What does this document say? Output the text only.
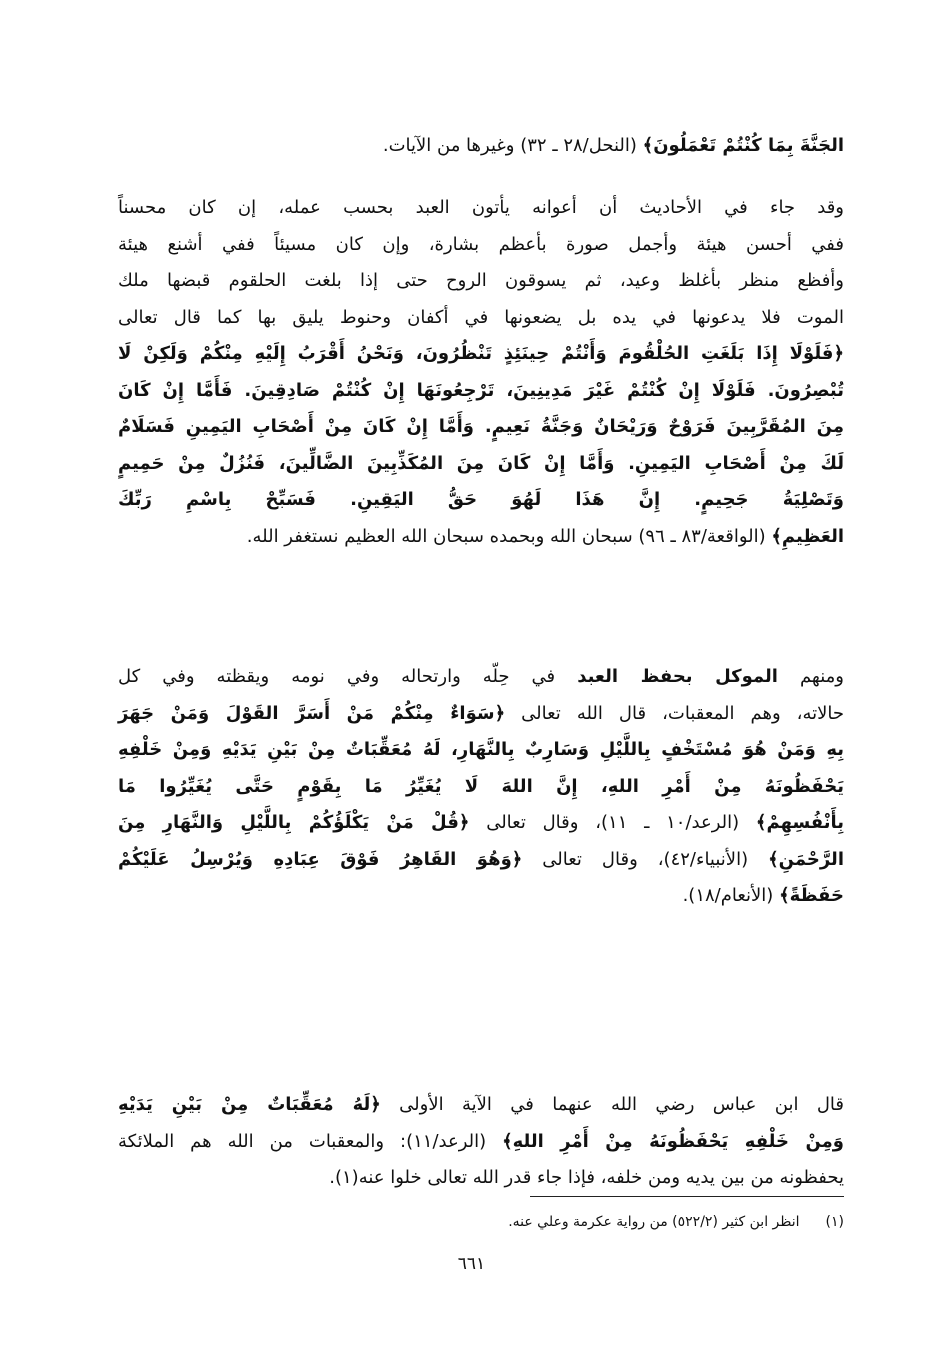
الجَنَّةَ بِمَا كُنْتُمْ تَعْمَلُونَ﴾ (النحل/٢٨ ـ ٣٢) وغيرها من الآيات.
وقد جاء في الأحاديث أن أعوانه يأتون العبد بحسب عمله، إن كان محسناً
ففي أحسن هيئة وأجمل صورة بأعظم بشارة، وإن كان مسيئاً ففي أشنع هيئة
وأفظع منظر بأغلظ وعيد، ثم يسوقون الروح حتى إذا بلغت الحلقوم قبضها ملك
الموت فلا يدعونها في يده بل يضعونها في أكفان وحنوط يليق بها كما قال تعالى
﴿فَلَوْلَا إِذَا بَلَغَتِ الحُلْقُومَ وَأَنْتُمْ حِينَئِذٍ تَنْظُرُونَ، وَنَحْنُ أَقْرَبُ إِلَيْهِ مِنْكُمْ وَلَكِنْ لَا
تُبْصِرُونَ. فَلَوْلَا إِنْ كُنْتُمْ غَيْرَ مَدِينِينَ، تَرْجِعُونَهَا إِنْ كُنْتُمْ صَادِقِينَ. فَأَمَّا إِنْ كَانَ
مِنَ المُقَرَّبِينَ فَرَوْحٌ وَرَيْحَانٌ وَجَنَّةُ نَعِيمٍ. وَأَمَّا إِنْ كَانَ مِنْ أَصْحَابِ اليَمِينِ فَسَلَامٌ
لَكَ مِنْ أَصْحَابِ اليَمِينِ. وَأَمَّا إِنْ كَانَ مِنَ المُكَذِّبِينَ الضَّالِّينَ، فَنُزُلٌ مِنْ حَمِيمٍ
وَتَصْلِيَةُ جَحِيمٍ. إِنَّ هَذَا لَهُوَ حَقُّ اليَقِينِ. فَسَبِّحْ بِاسْمِ رَبِّكَ
العَظِيمِ﴾ (الواقعة/٨٣ ـ ٩٦) سبحان الله وبحمده سبحان الله العظيم نستغفر الله.
ومنهم الموكل بحفظ العبد في حِلّه وارتحاله وفي نومه ويقظته وفي كل
حالاته، وهم المعقبات، قال الله تعالى ﴿سَوَاءٌ مِنْكُمْ مَنْ أَسَرَّ القَوْلَ وَمَنْ جَهَرَ
بِهِ وَمَنْ هُوَ مُسْتَخْفٍ بِاللَّيْلِ وَسَارِبٌ بِالنَّهَارِ، لَهُ مُعَقِّبَاتٌ مِنْ بَيْنِ يَدَيْهِ وَمِنْ خَلْفِهِ
يَحْفَظُونَهُ مِنْ أَمْرِ اللهِ، إِنَّ اللهَ لَا يُغَيِّرُ مَا بِقَوْمٍ حَتَّى يُغَيِّرُوا مَا
بِأَنْفُسِهِمْ﴾ (الرعد/١٠ ـ ١١)، وقال تعالى ﴿قُلْ مَنْ يَكْلَؤُكُمْ بِاللَّيْلِ وَالنَّهَارِ مِنَ
الرَّحْمَنِ﴾ (الأنبياء/٤٢)، وقال تعالى ﴿وَهُوَ القَاهِرُ فَوْقَ عِبَادِهِ وَيُرْسِلُ عَلَيْكُمْ
حَفَظَةً﴾ (الأنعام/١٨).
قال ابن عباس رضي الله عنهما في الآية الأولى ﴿لَهُ مُعَقِّبَاتٌ مِنْ بَيْنِ يَدَيْهِ
وَمِنْ خَلْفِهِ يَحْفَظُونَهُ مِنْ أَمْرِ اللهِ﴾ (الرعد/١١): والمعقبات من الله هم الملائكة
يحفظونه من بين يديه ومن خلفه، فإذا جاء قدر الله تعالى خلوا عنه(١).
(١)انظر ابن كثير (٥٢٢/٢) من رواية عكرمة وعلي عنه.
٦٦١
